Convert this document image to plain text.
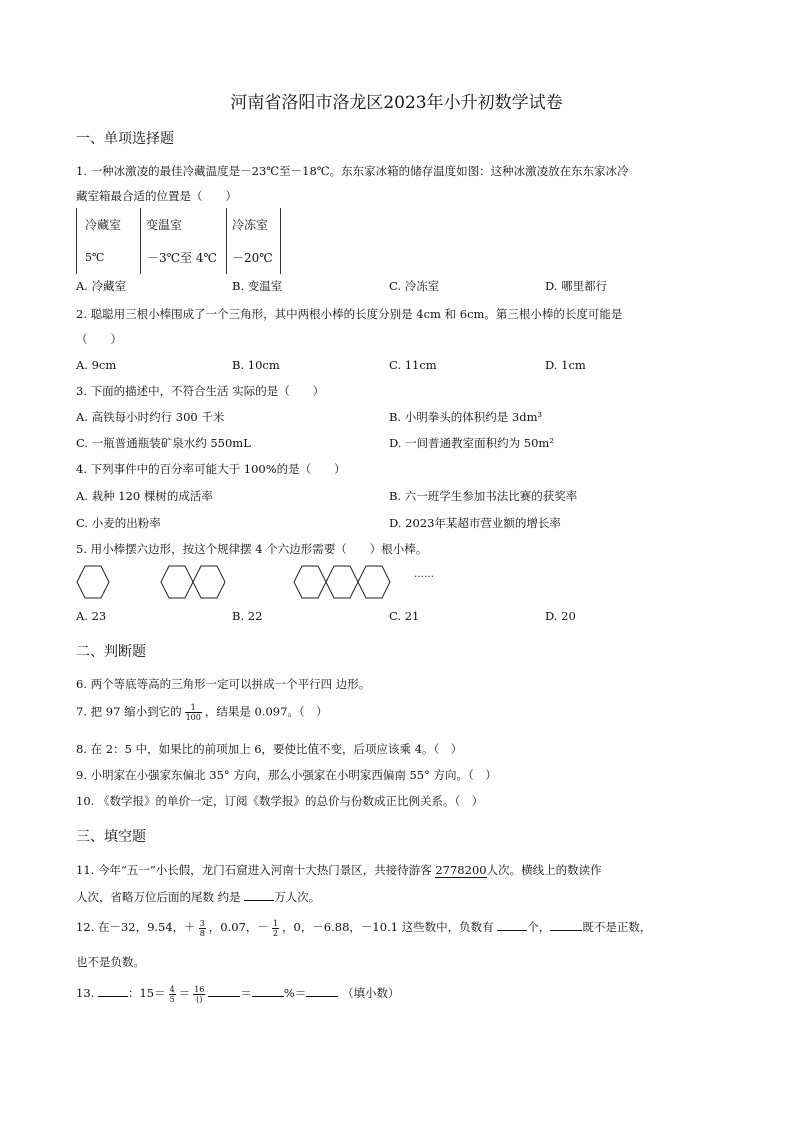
河南省洛阳市洛龙区2023年小升初数学试卷
一、单项选择题
1. 一种冰激凌的最佳冷藏温度是－23℃至－18℃。东东家冰箱的储存温度如图：这种冰激凌放在东东家冰冷
藏室箱最合适的位置是（　　）
冷藏室	变温室	冷冻室
5℃	－3℃至 4℃	－20℃
A. 冷藏室	B. 变温室	C. 冷冻室	D. 哪里都行
2. 聪聪用三根小棒围成了一个三角形，其中两根小棒的长度分别是 4cm 和 6cm。第三根小棒的长度可能是
（　　）
A. 9cm	B. 10cm	C. 11cm	D. 1cm
3. 下面的描述中，不符合生活 实际的是（　　）
A. 高铁每小时约行 300 千米	B. 小明拳头的体积约是 3dm³
C. 一瓶普通瓶装矿泉水约 550mL	D. 一间普通教室面积约为 50m²
4. 下列事件中的百分率可能大于 100%的是（　　）
A. 栽种 120 棵树的成活率	B. 六一班学生参加书法比赛的获奖率
C. 小麦的出粉率	D. 2023年某超市营业额的增长率
5. 用小棒摆六边形，按这个规律摆 4 个六边形需要（　　）根小棒。
……
A. 23	B. 22	C. 21	D. 20
二、判断题
6. 两个等底等高的三角形一定可以拼成一个平行四 边形。
7. 把 97 缩小到它的 $\frac{1}{100}$ ，结果是 0.097。（　）
8. 在 2：5 中，如果比的前项加上 6，要使比值不变，后项应该乘 4。（　）
9. 小明家在小强家东偏北 35° 方向，那么小强家在小明家西偏南 55° 方向。（　）
10. 《数学报》的单价一定，订阅《数学报》的总价与份数成正比例关系。（　）
三、填空题
11. 今年“五一”小长假，龙门石窟进入河南十大热门景区，共接待游客 2778200人次。横线上的数读作
人次，省略万位后面的尾数 约是	万人次。
12. 在－32，9.54，＋ $\frac{3}{8}$ ，0.07，－ $\frac{1}{2}$ ，0，－6.88，－10.1 这些数中，负数有	个，	既不是正数，
也不是负数。
13.	：$15= \frac{4}{5} = \frac{16}{()}$	＝	%＝	（填小数）
